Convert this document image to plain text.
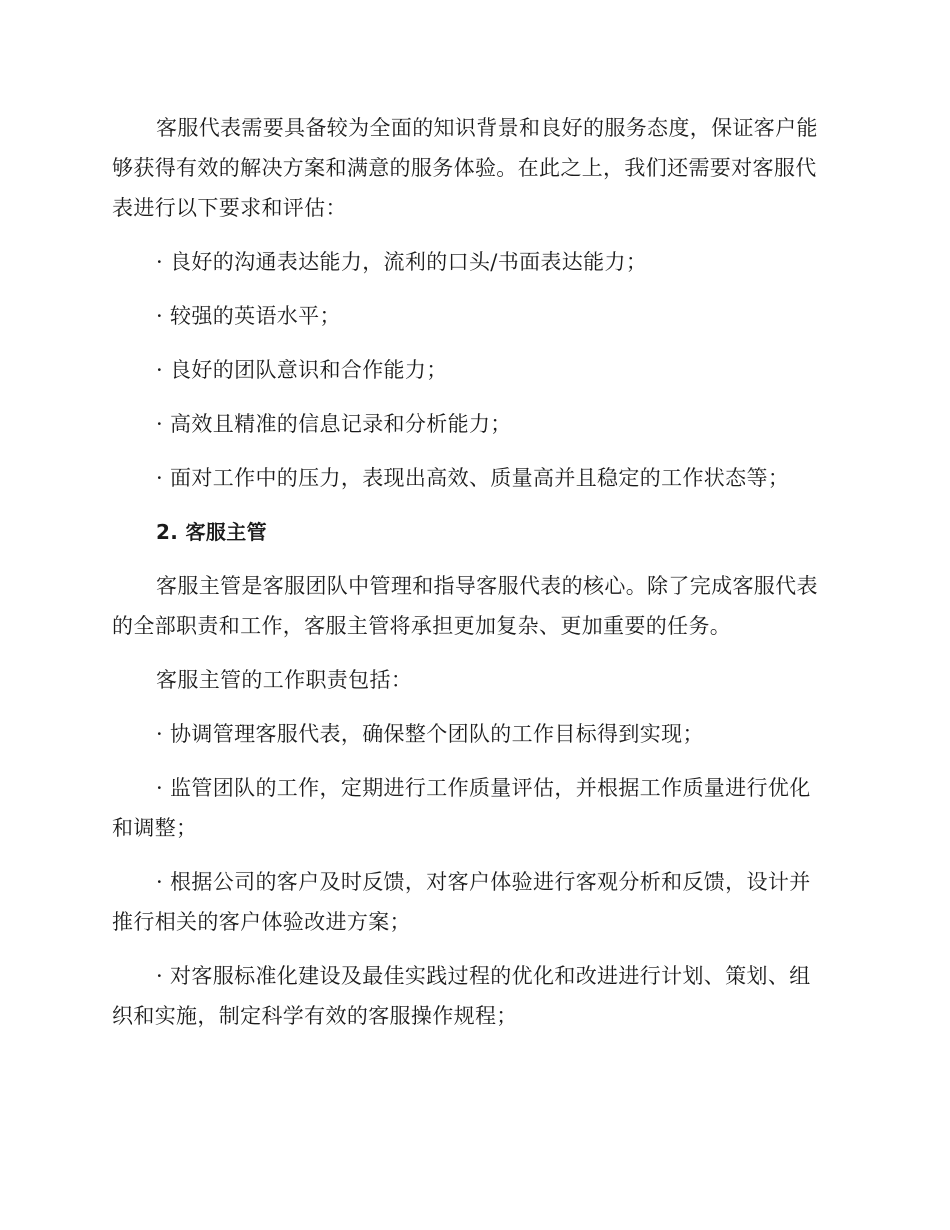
客服代表需要具备较为全面的知识背景和良好的服务态度，保证客户能够获得有效的解决方案和满意的服务体验。在此之上，我们还需要对客服代表进行以下要求和评估：

· 良好的沟通表达能力，流利的口头/书面表达能力；

· 较强的英语水平；

· 良好的团队意识和合作能力；

· 高效且精准的信息记录和分析能力；

· 面对工作中的压力，表现出高效、质量高并且稳定的工作状态等；

2. 客服主管

客服主管是客服团队中管理和指导客服代表的核心。除了完成客服代表的全部职责和工作，客服主管将承担更加复杂、更加重要的任务。

客服主管的工作职责包括：

· 协调管理客服代表，确保整个团队的工作目标得到实现；

· 监管团队的工作，定期进行工作质量评估，并根据工作质量进行优化和调整；

· 根据公司的客户及时反馈，对客户体验进行客观分析和反馈，设计并推行相关的客户体验改进方案；

· 对客服标准化建设及最佳实践过程的优化和改进进行计划、策划、组织和实施，制定科学有效的客服操作规程；
